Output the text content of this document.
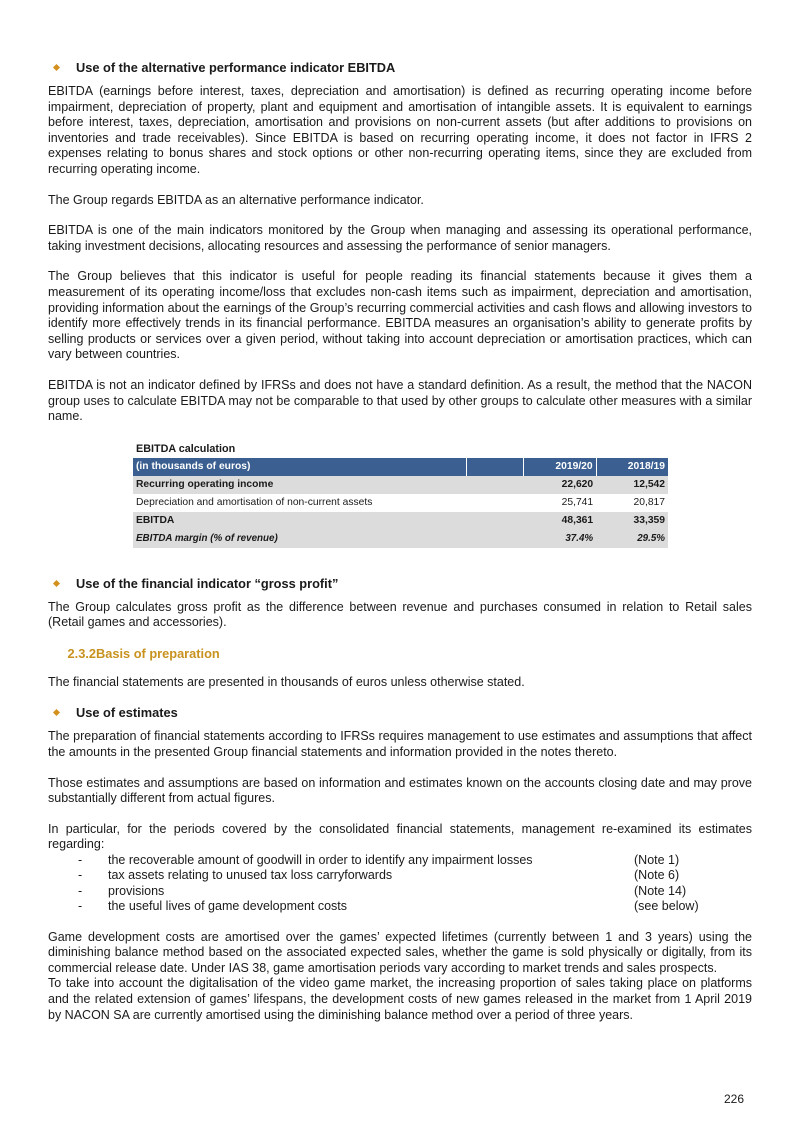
Use of the alternative performance indicator EBITDA

EBITDA (earnings before interest, taxes, depreciation and amortisation) is defined as recurring operating income before impairment, depreciation of property, plant and equipment and amortisation of intangible assets. It is equivalent to earnings before interest, taxes, depreciation, amortisation and provisions on non-current assets (but after additions to provisions on inventories and trade receivables). Since EBITDA is based on recurring operating income, it does not factor in IFRS 2 expenses relating to bonus shares and stock options or other non-recurring operating items, since they are excluded from recurring operating income.

The Group regards EBITDA as an alternative performance indicator.

EBITDA is one of the main indicators monitored by the Group when managing and assessing its operational performance, taking investment decisions, allocating resources and assessing the performance of senior managers.

The Group believes that this indicator is useful for people reading its financial statements because it gives them a measurement of its operating income/loss that excludes non-cash items such as impairment, depreciation and amortisation, providing information about the earnings of the Group’s recurring commercial activities and cash flows and allowing investors to identify more effectively trends in its financial performance. EBITDA measures an organisation’s ability to generate profits by selling products or services over a given period, without taking into account depreciation or amortisation practices, which can vary between countries.

EBITDA is not an indicator defined by IFRSs and does not have a standard definition. As a result, the method that the NACON group uses to calculate EBITDA may not be comparable to that used by other groups to calculate other measures with a similar name.

EBITDA calculation			
(in thousands of euros)		2019/20	2018/19
Recurring operating income		22,620	12,542
Depreciation and amortisation of non-current assets		25,741	20,817
EBITDA		48,361	33,359
EBITDA margin (% of revenue)		37.4%	29.5%
Use of the financial indicator “gross profit”

The Group calculates gross profit as the difference between revenue and purchases consumed in relation to Retail sales (Retail games and accessories).

2.3.2 Basis of preparation

The financial statements are presented in thousands of euros unless otherwise stated.

Use of estimates

The preparation of financial statements according to IFRSs requires management to use estimates and assumptions that affect the amounts in the presented Group financial statements and information provided in the notes thereto.

Those estimates and assumptions are based on information and estimates known on the accounts closing date and may prove substantially different from actual figures.

In particular, for the periods covered by the consolidated financial statements, management re-examined its estimates regarding:

-	the recoverable amount of goodwill in order to identify any impairment losses	(Note 1)
-	tax assets relating to unused tax loss carryforwards	(Note 6)
-	provisions	(Note 14)
-	the useful lives of game development costs	(see below)

Game development costs are amortised over the games’ expected lifetimes (currently between 1 and 3 years) using the diminishing balance method based on the associated expected sales, whether the game is sold physically or digitally, from its commercial release date. Under IAS 38, game amortisation periods vary according to market trends and sales prospects.

To take into account the digitalisation of the video game market, the increasing proportion of sales taking place on platforms and the related extension of games’ lifespans, the development costs of new games released in the market from 1 April 2019 by NACON SA are currently amortised using the diminishing balance method over a period of three years.

226
